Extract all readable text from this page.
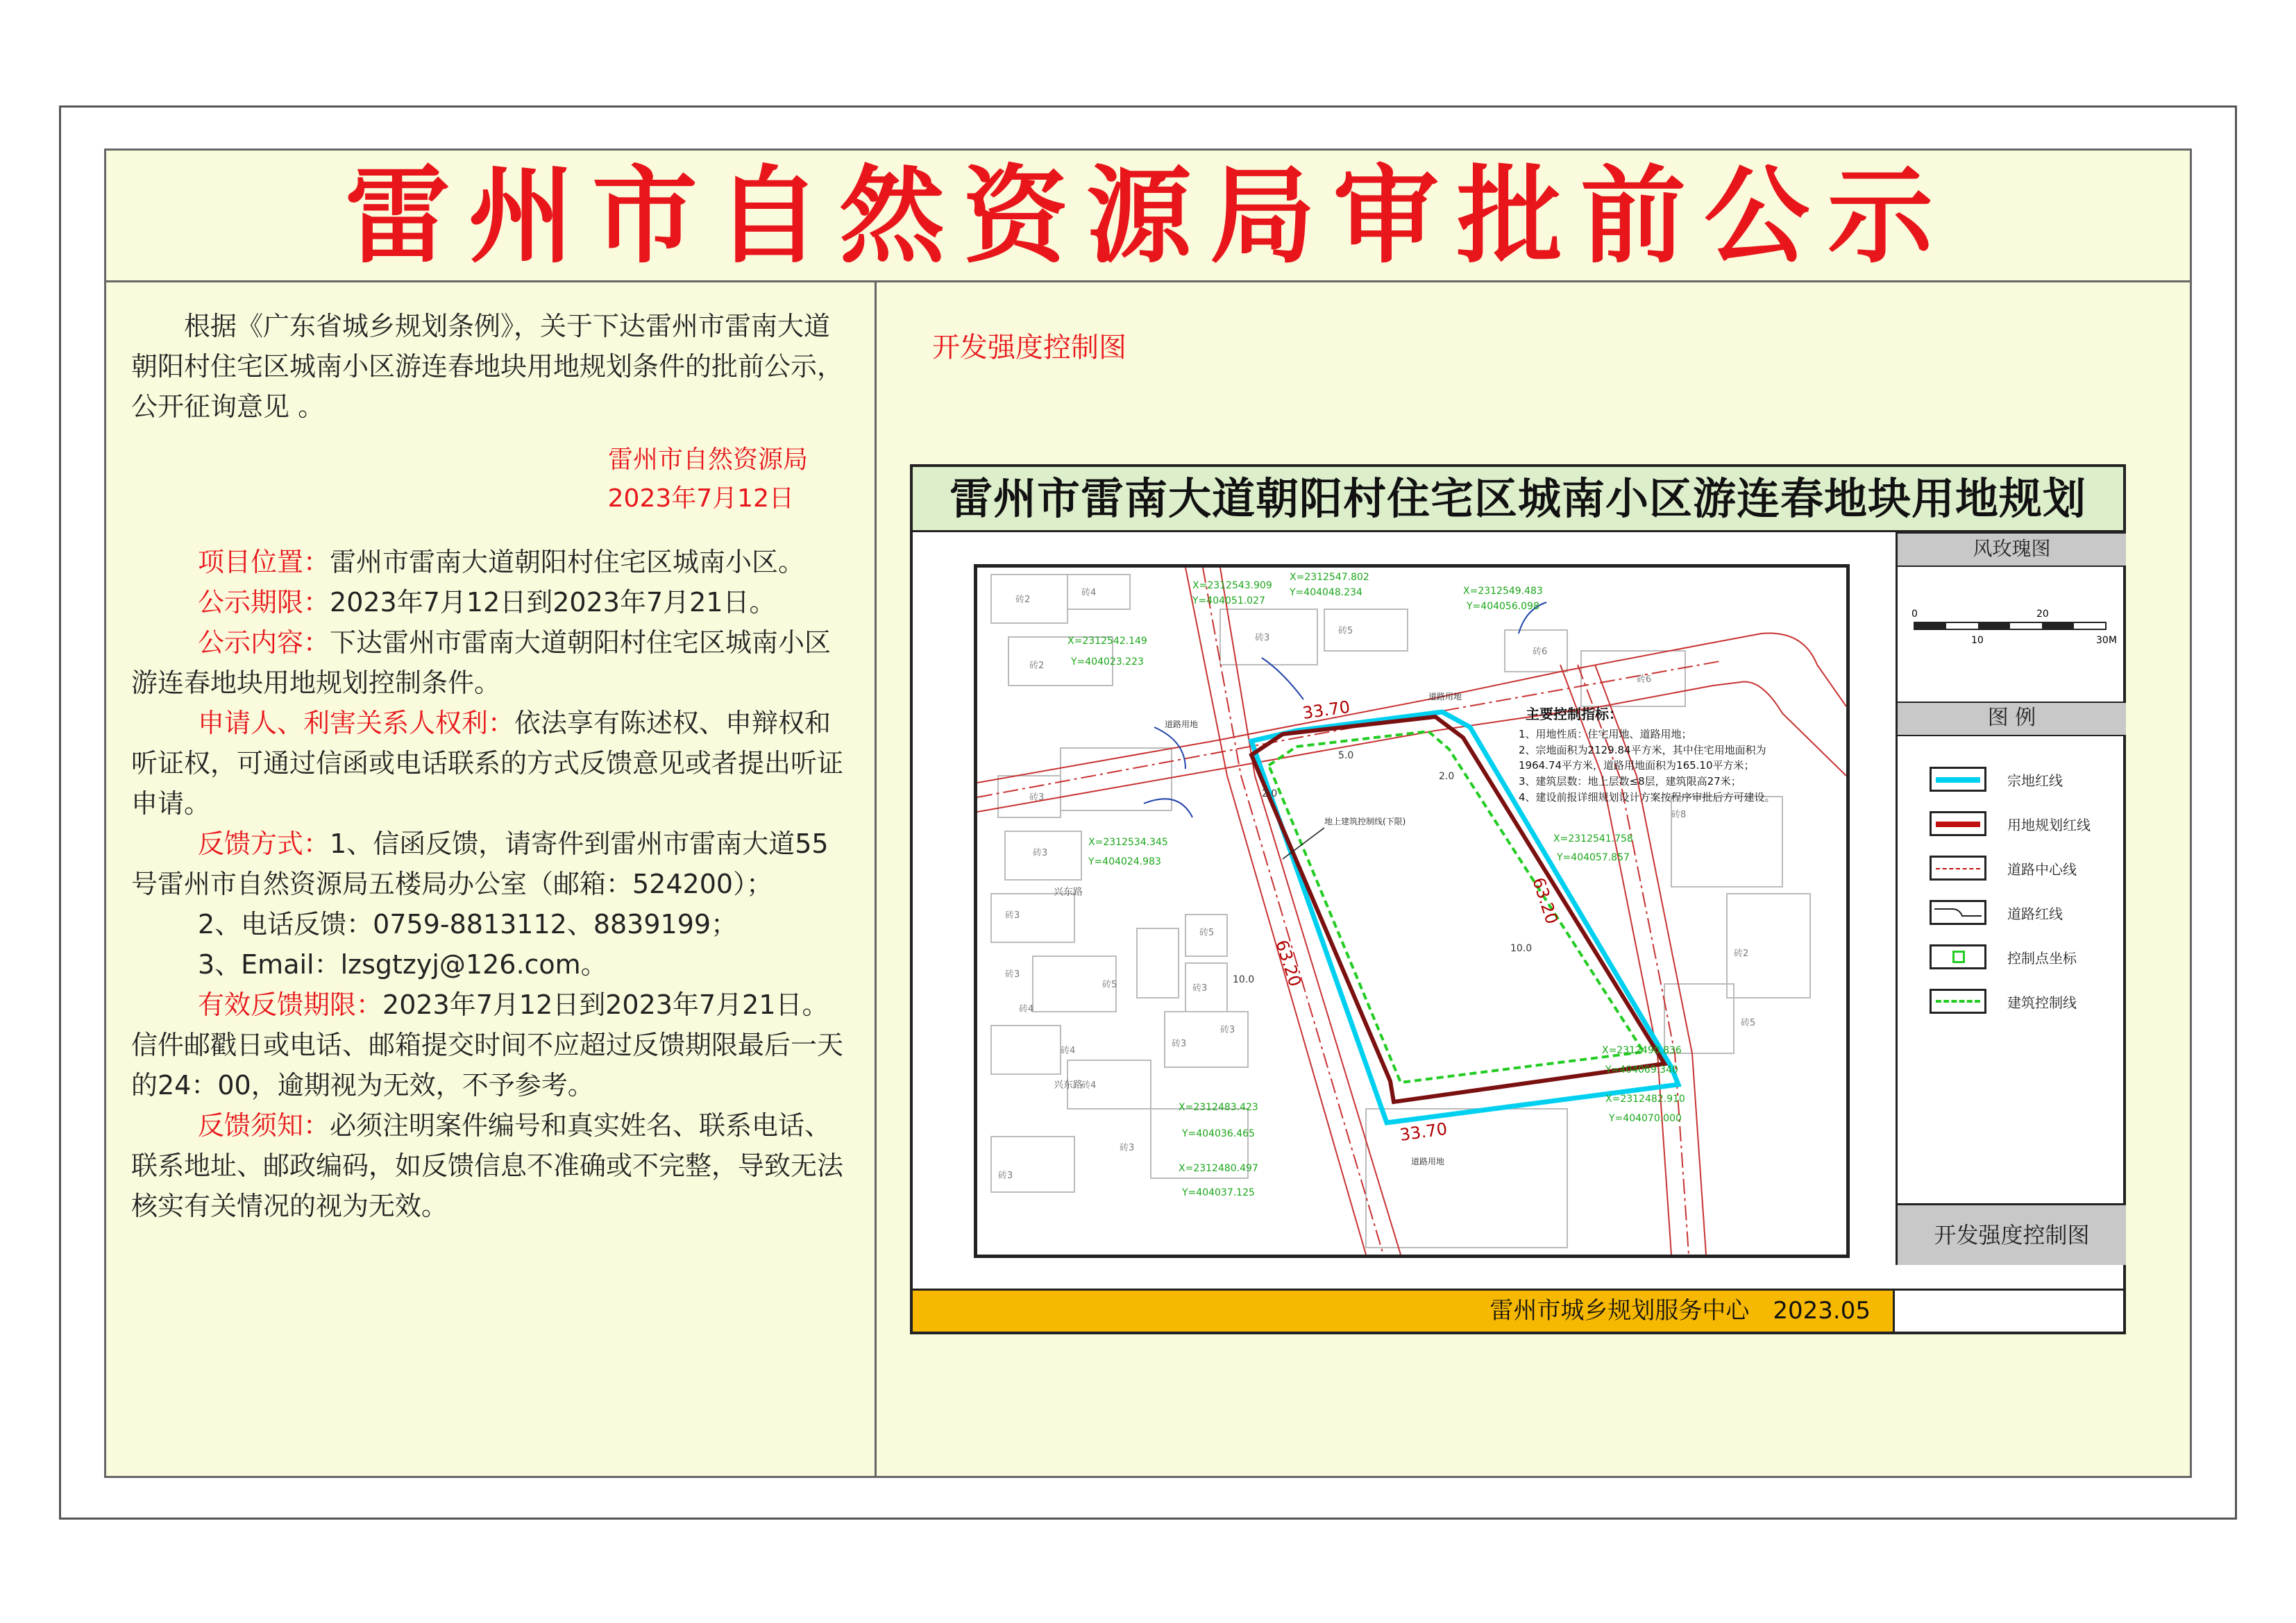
雷州市自然资源局审批前公示

根据《广东省城乡规划条例》，关于下达雷州市雷南大道朝阳村住宅区城南小区游连春地块用地规划条件的批前公示，公开征询意见 。

雷州市自然资源局
2023年7月12日

项目位置：雷州市雷南大道朝阳村住宅区城南小区。

公示期限：2023年7月12日到2023年7月21日。

公示内容：下达雷州市雷南大道朝阳村住宅区城南小区游连春地块用地规划控制条件。

申请人、利害关系人权利：依法享有陈述权、申辩权和听证权，可通过信函或电话联系的方式反馈意见或者提出听证申请。

反馈方式：1、信函反馈，请寄件到雷州市雷南大道55号雷州市自然资源局五楼局办公室（邮箱：524200）；

2、电话反馈：0759-8813112、8839199；

3、Email：lzsgtzyj@126.com。

有效反馈期限：2023年7月12日到2023年7月21日。信件邮戳日或电话、邮箱提交时间不应超过反馈期限最后一天的24：00，逾期视为无效，不予参考。

反馈须知：必须注明案件编号和真实姓名、联系电话、联系地址、邮政编码，如反馈信息不准确或不完整，导致无法核实有关情况的视为无效。

开发强度控制图
雷州市雷南大道朝阳村住宅区城南小区游连春地块用地规划
33.70
33.70
63.20
63.20
2.0
2.0
5.0
10.0
10.0
道路用地
道路用地
道路用地
地上建筑控制线(下限)
兴东路
兴东路
X=2312543.909
Y=404051.027
X=2312547.802
Y=404048.234	X=2312549.483
Y=404056.098
X=2312542.149
Y=404023.223
X=2312534.345
Y=404024.983
X=2312541.758
Y=404057.857
X=2312490.836
Y=404069.340
X=2312482.910
Y=404070.000
X=2312483.423
Y=404036.465
X=2312480.497
Y=404037.125
砖2
砖4
砖2
砖3
砖5
砖6
砖6
砖3
砖8
砖3
砖3
砖5
砖3
砖3
砖5
砖3
砖3
砖4
砖3
砖4
砖2
砖5
砖4
砖3
主要控制指标：
1、用地性质：住宅用地、道路用地；
2、宗地面积为2129.84平方米，其中住宅用地面积为
1964.74平方米，道路用地面积为165.10平方米；
3、建筑层数：地上层数≤8层，建筑限高27米；
4、建设前报详细规划设计方案按程序审批后方可建设。
风玫瑰图
0
10
20
30M
图 例
宗地红线
用地规划红线
道路中心线
道路红线
控制点坐标
建筑控制线
开发强度控制图
雷州市城乡规划服务中心　2023.05
